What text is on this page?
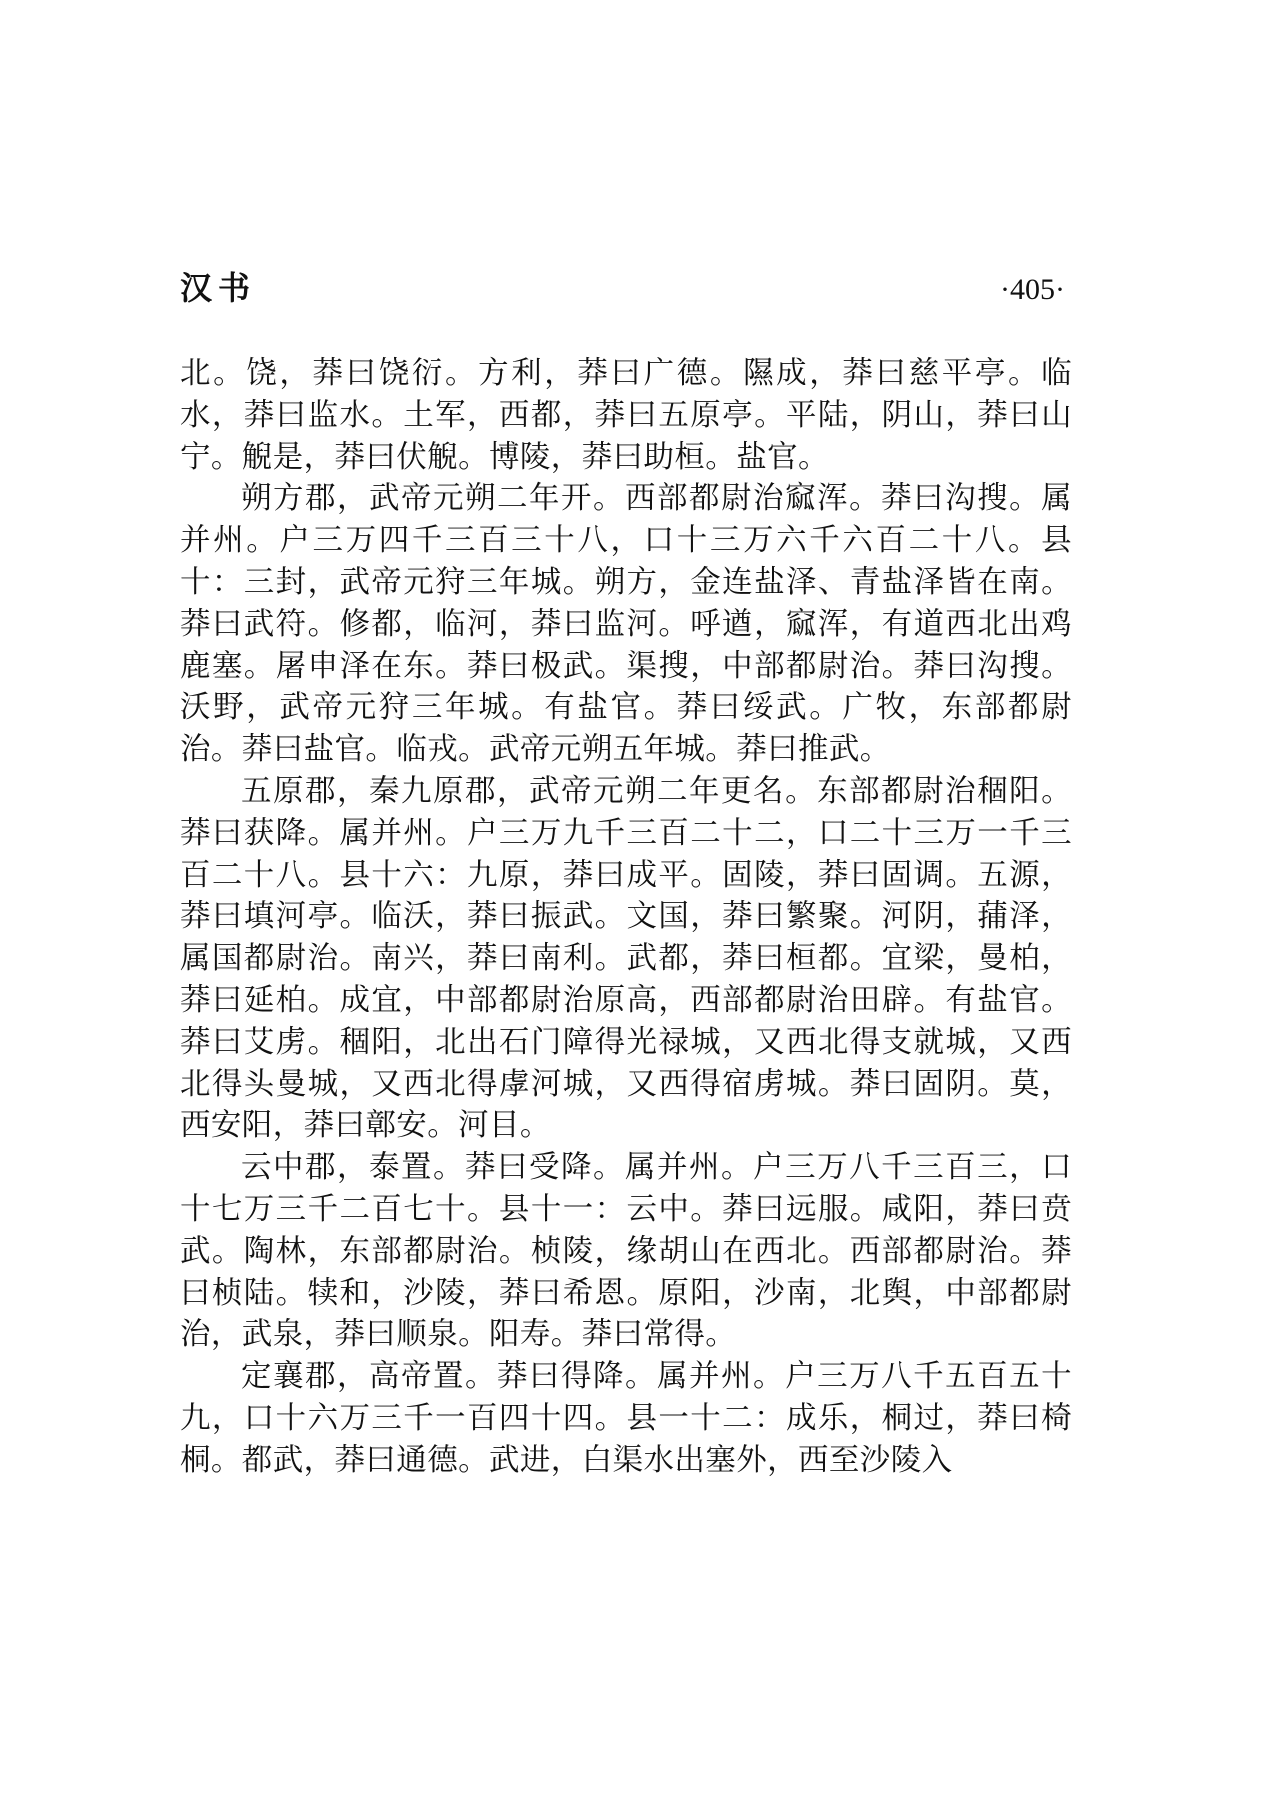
汉书	·405·

北。饶，莽曰饶衍。方利，莽曰广德。隰成，莽曰慈平亭。临水，莽曰监水。土军，西都，莽曰五原亭。平陆，阴山，莽曰山宁。觬是，莽曰伏觬。博陵，莽曰助桓。盐官。

朔方郡，武帝元朔二年开。西部都尉治窳浑。莽曰沟搜。属并州。户三万四千三百三十八，口十三万六千六百二十八。县十：三封，武帝元狩三年城。朔方，金连盐泽、青盐泽皆在南。莽曰武符。修都，临河，莽曰监河。呼遒，窳浑，有道西北出鸡鹿塞。屠申泽在东。莽曰极武。渠搜，中部都尉治。莽曰沟搜。沃野，武帝元狩三年城。有盐官。莽曰绥武。广牧，东部都尉治。莽曰盐官。临戎。武帝元朔五年城。莽曰推武。

五原郡，秦九原郡，武帝元朔二年更名。东部都尉治稒阳。莽曰获降。属并州。户三万九千三百二十二，口二十三万一千三百二十八。县十六：九原，莽曰成平。固陵，莽曰固调。五源，莽曰填河亭。临沃，莽曰振武。文国，莽曰繁聚。河阴，蒱泽，属国都尉治。南兴，莽曰南利。武都，莽曰桓都。宜梁，曼柏，莽曰延柏。成宜，中部都尉治原高，西部都尉治田辟。有盐官。莽曰艾虏。稒阳，北出石门障得光禄城，又西北得支就城，又西北得头曼城，又西北得虖河城，又西得宿虏城。莽曰固阴。莫，西安阳，莽曰鄣安。河目。

云中郡，泰置。莽曰受降。属并州。户三万八千三百三，口十七万三千二百七十。县十一：云中。莽曰远服。咸阳，莽曰贲武。陶林，东部都尉治。桢陵，缘胡山在西北。西部都尉治。莽曰桢陆。犊和，沙陵，莽曰希恩。原阳，沙南，北舆，中部都尉治，武泉，莽曰顺泉。阳寿。莽曰常得。

定襄郡，高帝置。莽曰得降。属并州。户三万八千五百五十九，口十六万三千一百四十四。县一十二：成乐，桐过，莽曰椅桐。都武，莽曰通德。武进，白渠水出塞外，西至沙陵入
